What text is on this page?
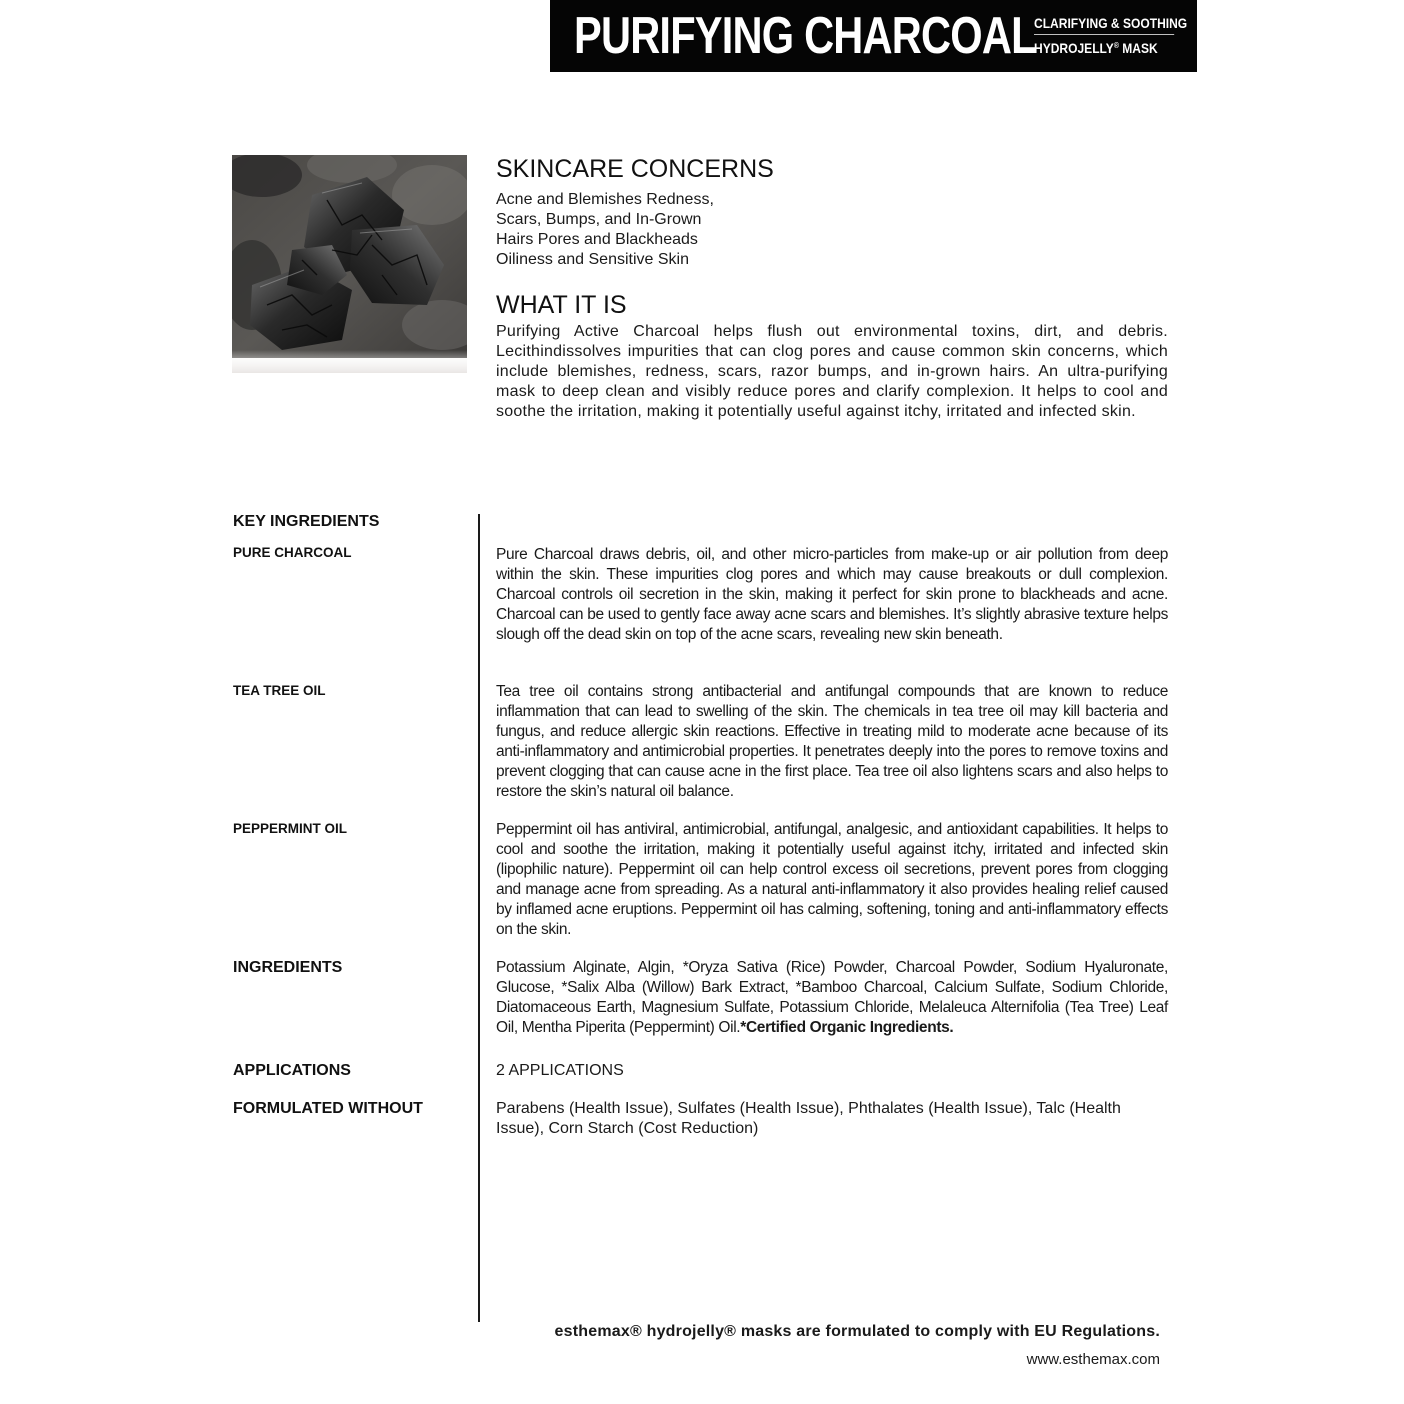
PURIFYING CHARCOAL
CLARIFYING & SOOTHING
HYDROJELLY® MASK
SKINCARE CONCERNS
Acne and Blemishes Redness, Scars, Bumps, and In-Grown Hairs Pores and Blackheads Oiliness and Sensitive Skin
WHAT IT IS
Purifying Active Charcoal helps flush out environmental toxins, dirt, and debris. Lecithindissolves impurities that can clog pores and cause common skin concerns, which include blemishes, redness, scars, razor bumps, and in-grown hairs. An ultra-purifying mask to deep clean and visibly reduce pores and clarify complexion. It helps to cool and soothe the irritation, making it potentially useful against itchy, irritated and infected skin.
KEY INGREDIENTS
PURE CHARCOAL
TEA TREE OIL
PEPPERMINT OIL
INGREDIENTS
APPLICATIONS
FORMULATED WITHOUT
Pure Charcoal draws debris, oil, and other micro-particles from make-up or air pollution from deep within the skin. These impurities clog pores and which may cause breakouts or dull complexion. Charcoal controls oil secretion in the skin, making it perfect for skin prone to blackheads and acne. Charcoal can be used to gently face away acne scars and blemishes. It’s slightly abrasive texture helps slough off the dead skin on top of the acne scars, revealing new skin beneath.
Tea tree oil contains strong antibacterial and antifungal compounds that are known to reduce inflammation that can lead to swelling of the skin. The chemicals in tea tree oil may kill bacteria and fungus, and reduce allergic skin reactions. Effective in treating mild to moderate acne because of its anti-inflammatory and antimicrobial properties. It penetrates deeply into the pores to remove toxins and prevent clogging that can cause acne in the first place. Tea tree oil also lightens scars and also helps to restore the skin’s natural oil balance.
Peppermint oil has antiviral, antimicrobial, antifungal, analgesic, and antioxidant capabilities. It helps to cool and soothe the irritation, making it potentially useful against itchy, irritated and infected skin (lipophilic nature). Peppermint oil can help control excess oil secretions, prevent pores from clogging and manage acne from spreading. As a natural anti-inflammatory it also provides healing relief caused by inflamed acne eruptions. Peppermint oil has calming, softening, toning and anti-inflammatory effects on the skin.
Potassium Alginate, Algin, *Oryza Sativa (Rice) Powder, Charcoal Powder, Sodium Hyaluronate, Glucose, *Salix Alba (Willow) Bark Extract, *Bamboo Charcoal, Calcium Sulfate, Sodium Chloride, Diatomaceous Earth, Magnesium Sulfate, Potassium Chloride, Melaleuca Alternifolia (Tea Tree) Leaf Oil, Mentha Piperita (Peppermint) Oil.*Certified Organic Ingredients.
2 APPLICATIONS
Parabens (Health Issue), Sulfates (Health Issue), Phthalates (Health Issue), Talc (Health Issue), Corn Starch (Cost Reduction)
esthemax® hydrojelly® masks are formulated to comply with EU Regulations.
www.esthemax.com
